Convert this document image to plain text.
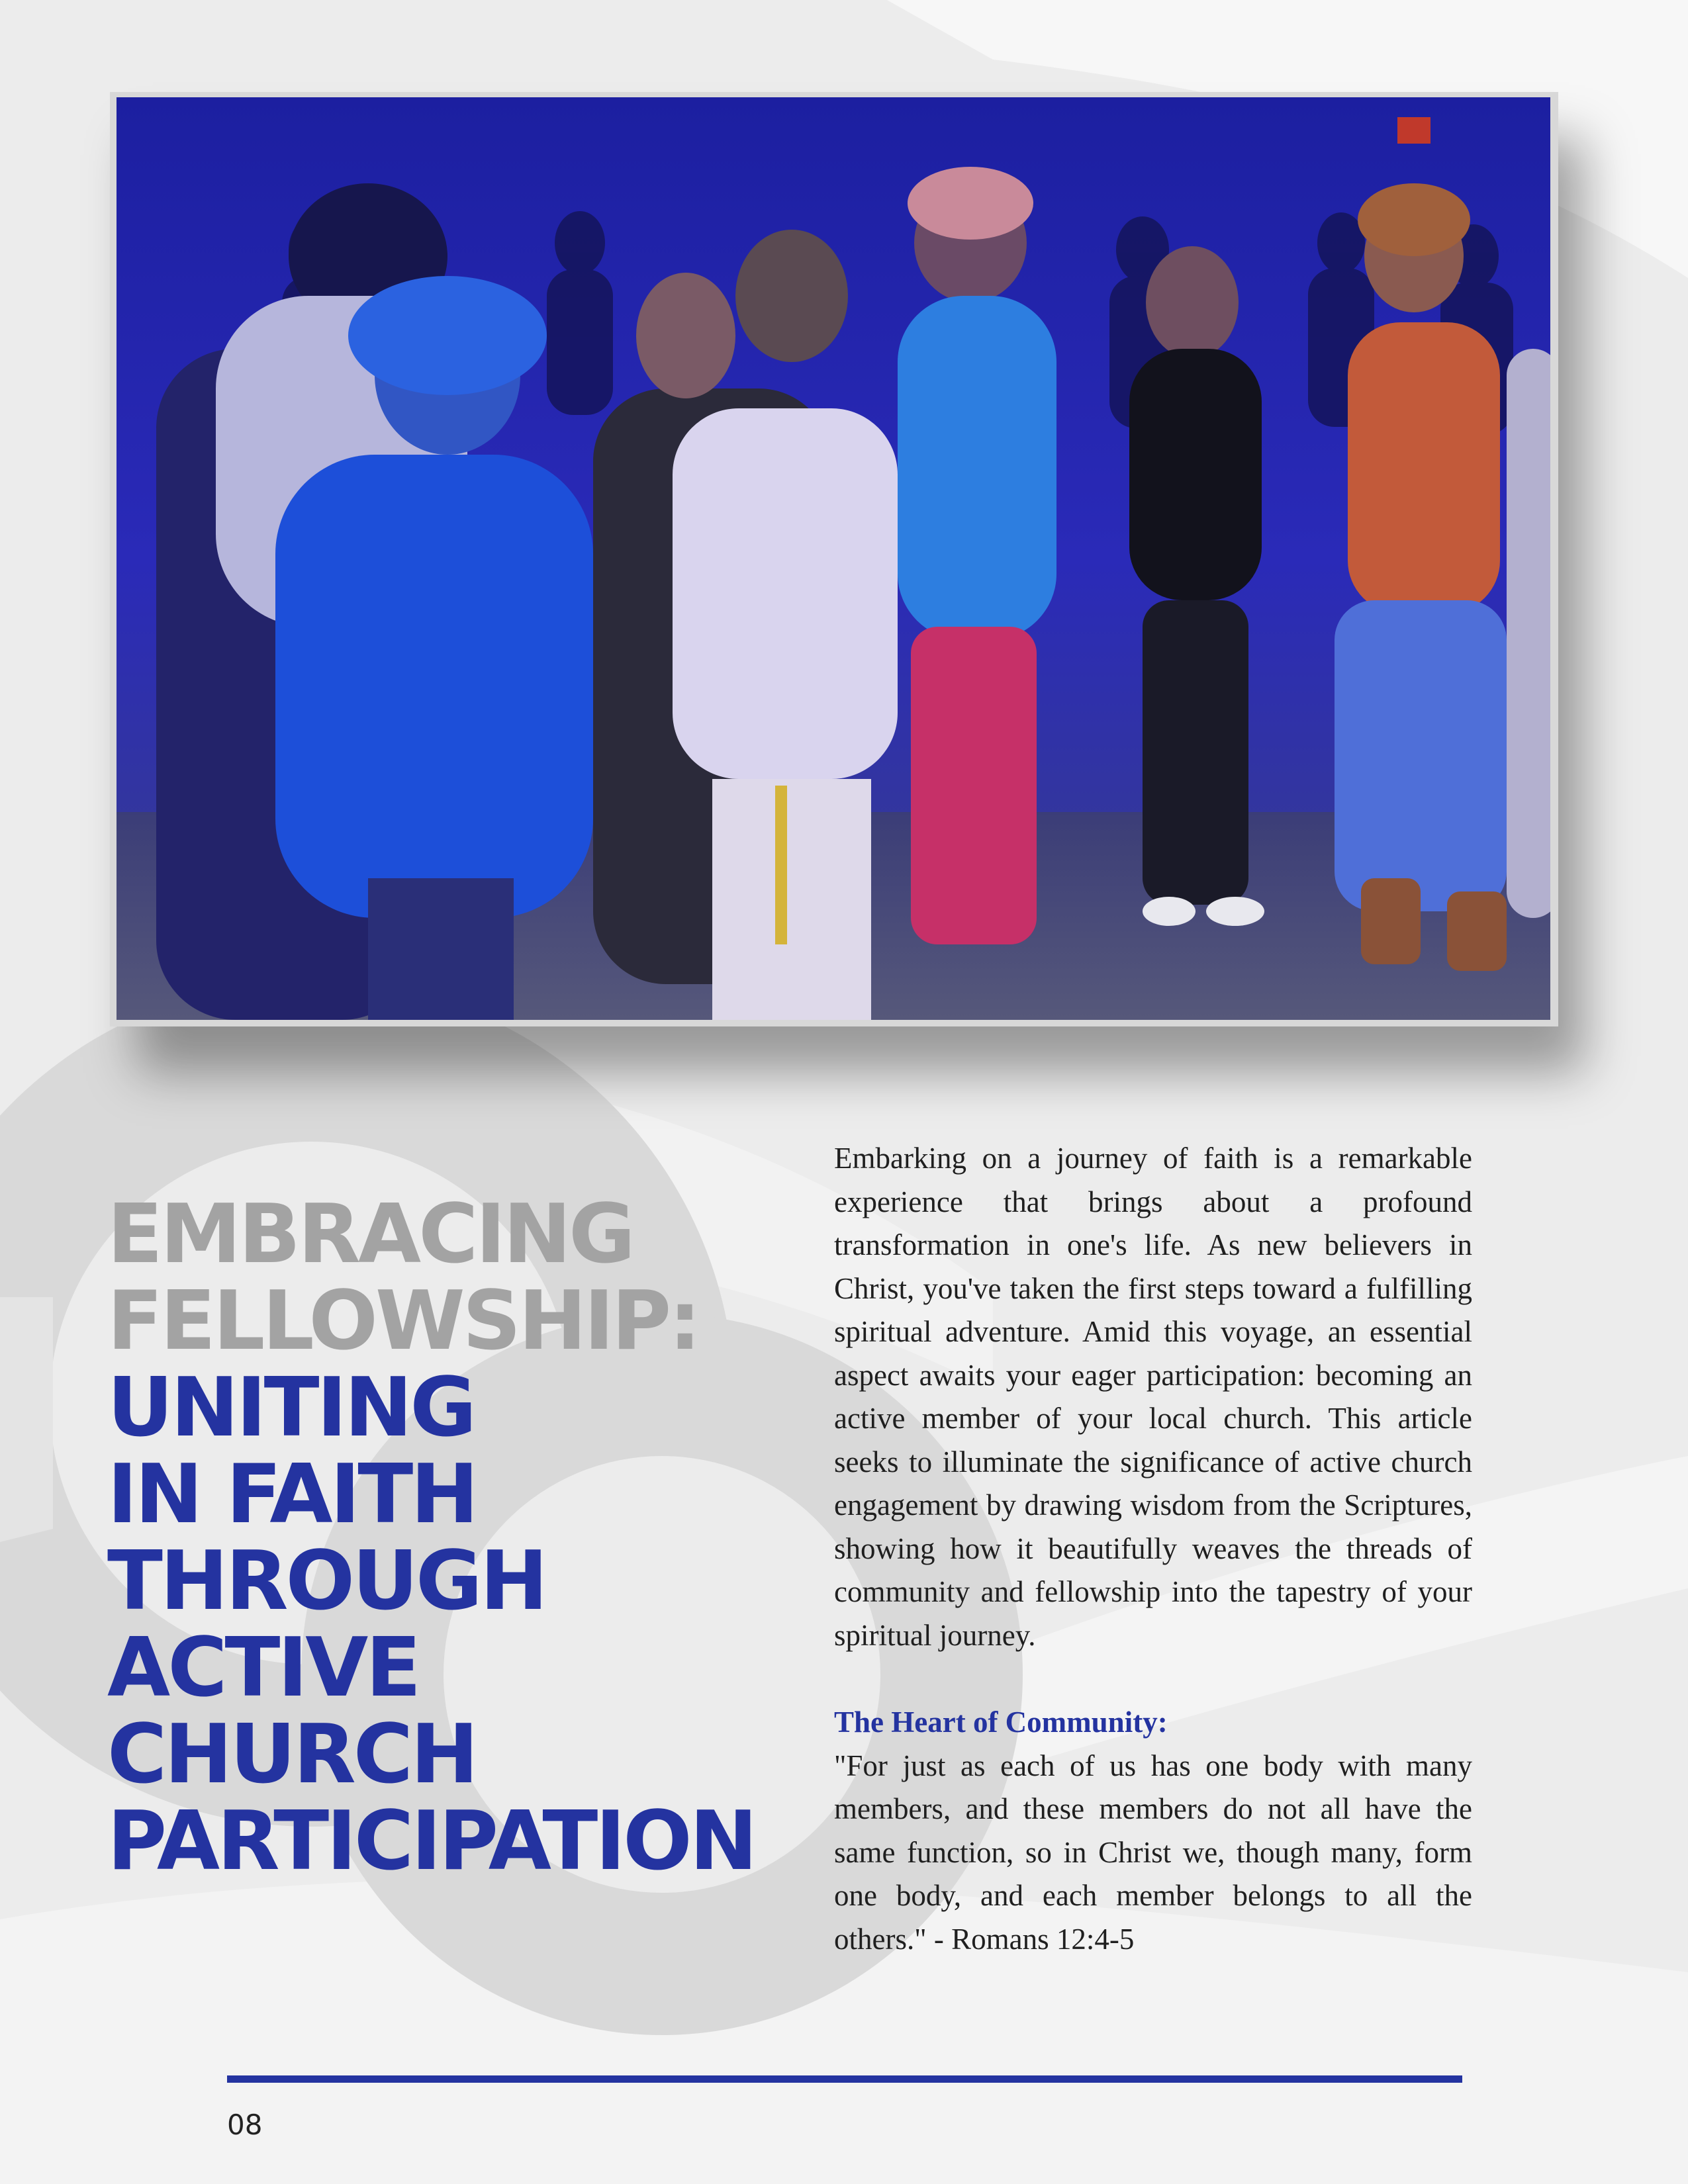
EMBRACING
FELLOWSHIP:
UNITING
IN FAITH
THROUGH
ACTIVE
CHURCH
PARTICIPATION

Embarking on a journey of faith is a remarkable experience that brings about a profound transformation in one's life. As new believers in Christ, you've taken the first steps toward a fulfilling spiritual adventure. Amid this voyage, an essential aspect awaits your eager participation: becoming an active member of your local church. This article seeks to illuminate the significance of active church engagement by drawing wisdom from the Scriptures, showing how it beautifully weaves the threads of community and fellowship into the tapestry of your spiritual journey.

The Heart of Community:

"For just as each of us has one body with many members, and these members do not all have the same function, so in Christ we, though many, form one body, and each member belongs to all the others." - Romans 12:4-5

08
